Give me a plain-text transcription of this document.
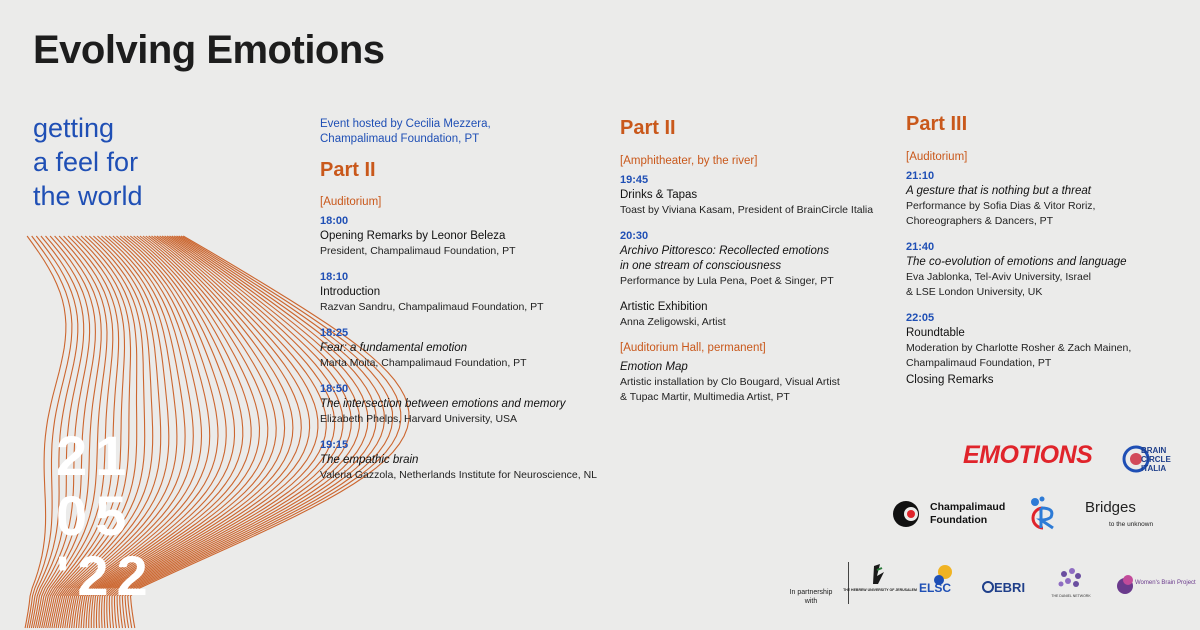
Evolving Emotions
getting
a feel for
the world
21
05
'22
Event hosted by Cecilia Mezzera,
Champalimaud Foundation, PT
Part II
[Auditorium]
18:00
Opening Remarks by Leonor Beleza
President, Champalimaud Foundation, PT
18:10
Introduction
Razvan Sandru, Champalimaud Foundation, PT
18:25
Fear: a fundamental emotion
Marta Moita, Champalimaud Foundation, PT
18:50
The intersection between emotions and memory
Elizabeth Phelps, Harvard University, USA
19:15
The empathic brain
Valeria Gazzola, Netherlands Institute for Neuroscience, NL
Part II
[Amphitheater, by the river]
19:45
Drinks & Tapas
Toast by Viviana Kasam, President of BrainCircle Italia
20:30
Archivo Pittoresco: Recollected emotions
in one stream of consciousness
Performance by Lula Pena, Poet & Singer, PT
Artistic Exhibition
Anna Zeligowski, Artist
[Auditorium Hall, permanent]
Emotion Map
Artistic installation by Clo Bougard, Visual Artist
& Tupac Martir, Multimedia Artist, PT
Part III
[Auditorium]
21:10
A gesture that is nothing but a threat
Performance by Sofia Dias & Vitor Roriz,
Choreographers & Dancers, PT
21:40
The co-evolution of emotions and language
Eva Jablonka, Tel-Aviv University, Israel
& LSE London University, UK
22:05
Roundtable
Moderation by Charlotte Rosher & Zach Mainen,
Champalimaud Foundation, PT
Closing Remarks
EMOTIONS	BRAIN
CIRCLE
ITALIA
Champalimaud
Foundation
Bridges
to the unknown
In partnership
with
THE HEBREW UNIVERSITY OF JERUSALEM ELSC	EBRI
THE DANIEL NETWORK
Women's Brain Project
